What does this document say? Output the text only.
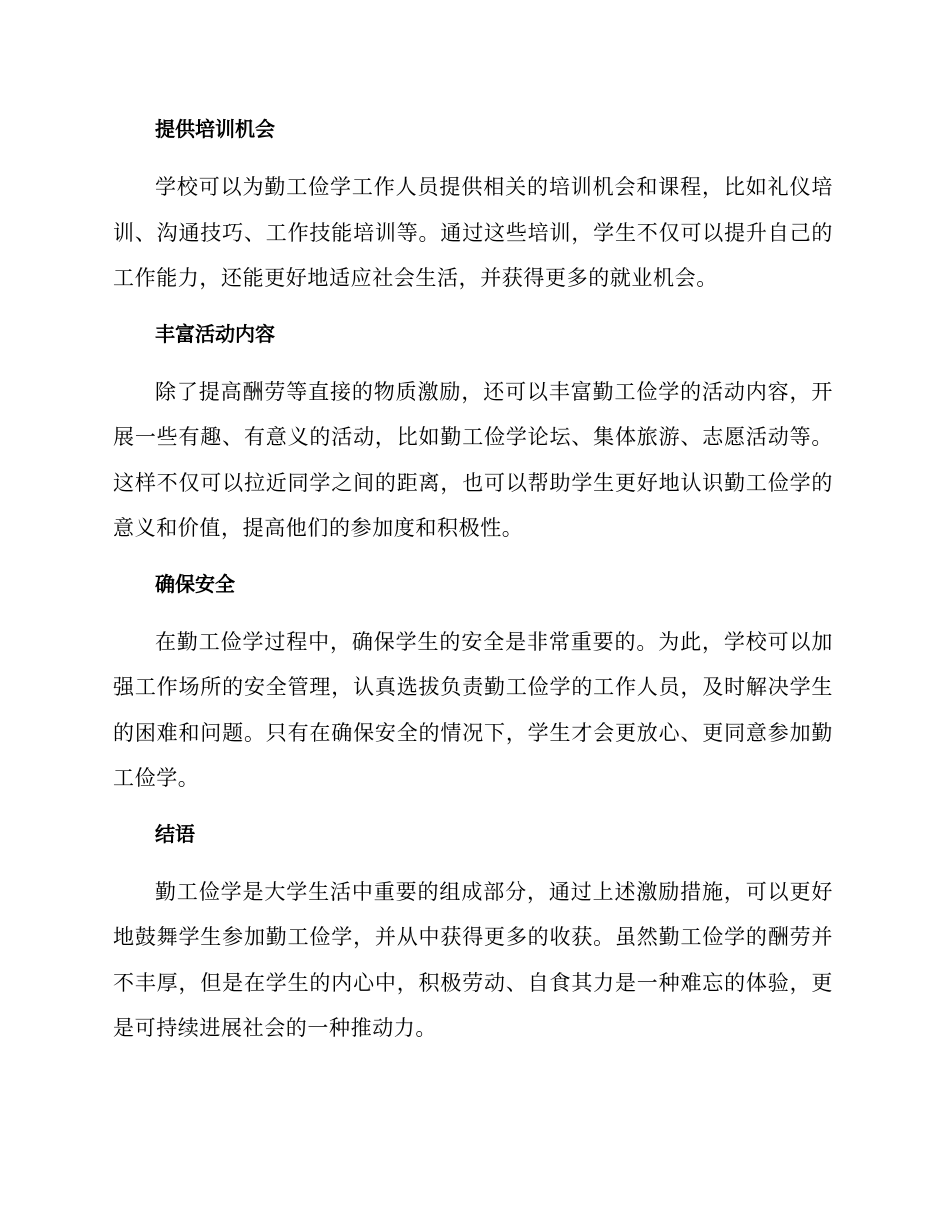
提供培训机会

学校可以为勤工俭学工作人员提供相关的培训机会和课程，比如礼仪培训、沟通技巧、工作技能培训等。通过这些培训，学生不仅可以提升自己的工作能力，还能更好地适应社会生活，并获得更多的就业机会。

丰富活动内容

除了提高酬劳等直接的物质激励，还可以丰富勤工俭学的活动内容，开展一些有趣、有意义的活动，比如勤工俭学论坛、集体旅游、志愿活动等。这样不仅可以拉近同学之间的距离，也可以帮助学生更好地认识勤工俭学的意义和价值，提高他们的参加度和积极性。

确保安全

在勤工俭学过程中，确保学生的安全是非常重要的。为此，学校可以加强工作场所的安全管理，认真选拔负责勤工俭学的工作人员，及时解决学生的困难和问题。只有在确保安全的情况下，学生才会更放心、更同意参加勤工俭学。

结语

勤工俭学是大学生活中重要的组成部分，通过上述激励措施，可以更好地鼓舞学生参加勤工俭学，并从中获得更多的收获。虽然勤工俭学的酬劳并不丰厚，但是在学生的内心中，积极劳动、自食其力是一种难忘的体验，更是可持续进展社会的一种推动力。
